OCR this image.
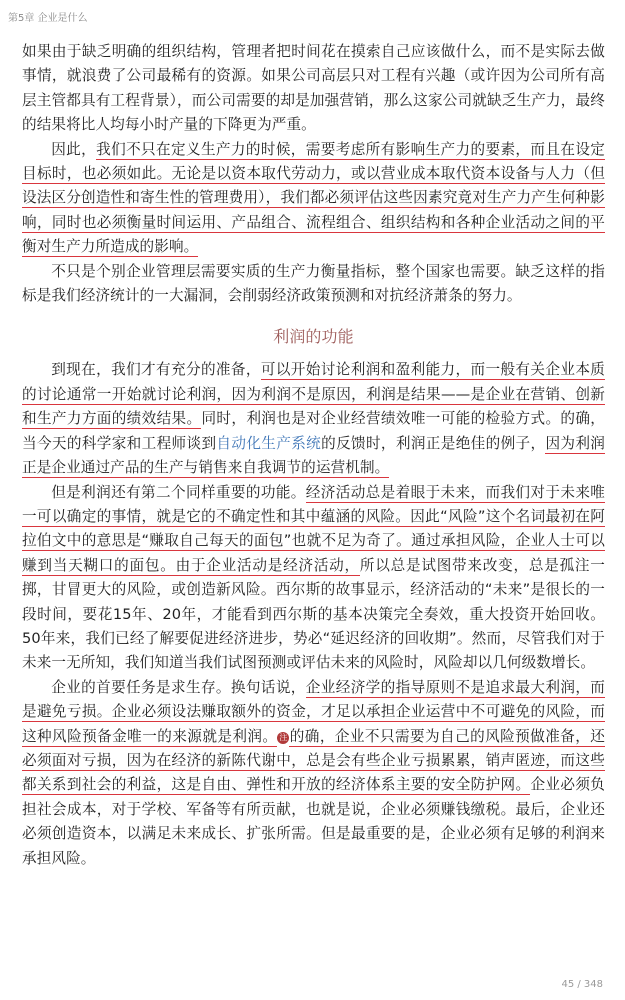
第5章 企业是什么

如果由于缺乏明确的组织结构，管理者把时间花在摸索自己应该做什么，而不是实际去做事情，就浪费了公司最稀有的资源。如果公司高层只对工程有兴趣（或许因为公司所有高层主管都具有工程背景），而公司需要的却是加强营销，那么这家公司就缺乏生产力，最终的结果将比人均每小时产量的下降更为严重。

因此，我们不只在定义生产力的时候，需要考虑所有影响生产力的要素，而且在设定目标时，也必须如此。无论是以资本取代劳动力，或以营业成本取代资本设备与人力（但设法区分创造性和寄生性的管理费用），我们都必须评估这些因素究竟对生产力产生何种影响，同时也必须衡量时间运用、产品组合、流程组合、组织结构和各种企业活动之间的平衡对生产力所造成的影响。

不只是个别企业管理层需要实质的生产力衡量指标，整个国家也需要。缺乏这样的指标是我们经济统计的一大漏洞，会削弱经济政策预测和对抗经济萧条的努力。

利润的功能

到现在，我们才有充分的准备，可以开始讨论利润和盈利能力，而一般有关企业本质的讨论通常一开始就讨论利润，因为利润不是原因，利润是结果——是企业在营销、创新和生产力方面的绩效结果。同时，利润也是对企业经营绩效唯一可能的检验方式。的确，当今天的科学家和工程师谈到自动化生产系统的反馈时，利润正是绝佳的例子，因为利润正是企业通过产品的生产与销售来自我调节的运营机制。

但是利润还有第二个同样重要的功能。经济活动总是着眼于未来，而我们对于未来唯一可以确定的事情，就是它的不确定性和其中蕴涵的风险。因此“风险”这个名词最初在阿拉伯文中的意思是“赚取自己每天的面包”也就不足为奇了。通过承担风险，企业人士可以赚到当天糊口的面包。由于企业活动是经济活动，所以总是试图带来改变，总是孤注一掷，甘冒更大的风险，或创造新风险。西尔斯的故事显示，经济活动的“未来”是很长的一段时间，要花15年、20年，才能看到西尔斯的基本决策完全奏效，重大投资开始回收。50年来，我们已经了解要促进经济进步，势必“延迟经济的回收期”。然而，尽管我们对于未来一无所知，我们知道当我们试图预测或评估未来的风险时，风险却以几何级数增长。

企业的首要任务是求生存。换句话说，企业经济学的指导原则不是追求最大利润，而是避免亏损。企业必须设法赚取额外的资金，才足以承担企业运营中不可避免的风险，而这种风险预备金唯一的来源就是利润。 注 的确，企业不只需要为自己的风险预做准备，还必须面对亏损，因为在经济的新陈代谢中，总是会有些企业亏损累累，销声匿迹，而这些都关系到社会的利益，这是自由、弹性和开放的经济体系主要的安全防护网。企业必须负担社会成本，对于学校、军备等有所贡献，也就是说，企业必须赚钱缴税。最后，企业还必须创造资本，以满足未来成长、扩张所需。但是最重要的是，企业必须有足够的利润来承担风险。

45 / 348
